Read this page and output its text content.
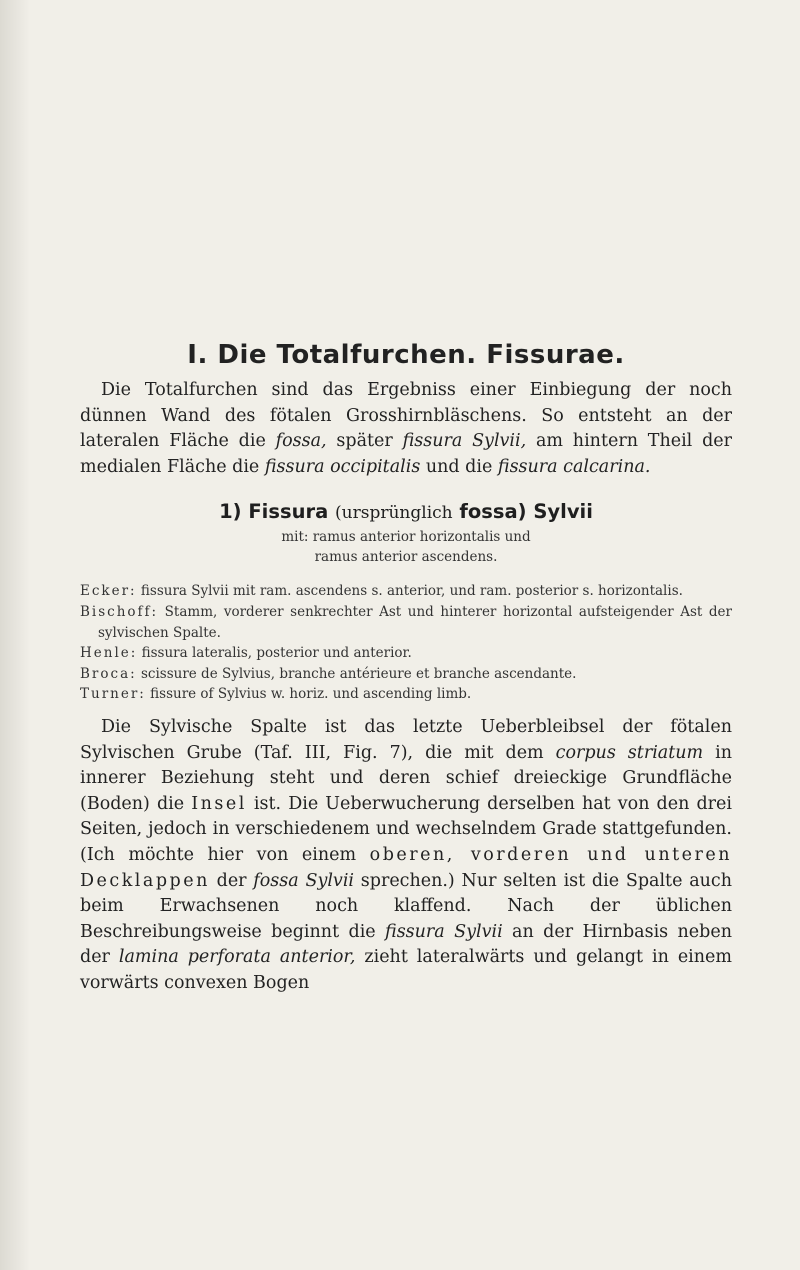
I. Die Totalfurchen. Fissurae.

Die Totalfurchen sind das Ergebniss einer Einbiegung der noch dünnen Wand des fötalen Grosshirnbläschens. So entsteht an der lateralen Fläche die fossa, später fissura Sylvii, am hintern Theil der medialen Fläche die fissura occipitalis und die fissura calcarina.

1) Fissura (ursprünglich fossa) Sylvii
mit: ramus anterior horizontalis und
ramus anterior ascendens.

Ecker: fissura Sylvii mit ram. ascendens s. anterior, und ram. posterior s. horizontalis.

Bischoff: Stamm, vorderer senkrechter Ast und hinterer horizontal aufsteigender Ast der sylvischen Spalte.

Henle: fissura lateralis, posterior und anterior.

Broca: scissure de Sylvius, branche antérieure et branche ascendante.

Turner: fissure of Sylvius w. horiz. und ascending limb.

Die Sylvische Spalte ist das letzte Ueberbleibsel der fötalen Sylvischen Grube (Taf. III, Fig. 7), die mit dem corpus striatum in innerer Beziehung steht und deren schief dreieckige Grundfläche (Boden) die Insel ist. Die Ueberwucherung derselben hat von den drei Seiten, jedoch in verschiedenem und wechselndem Grade stattgefunden. (Ich möchte hier von einem oberen, vorderen und unteren Decklappen der fossa Sylvii sprechen.) Nur selten ist die Spalte auch beim Erwachsenen noch klaffend. Nach der üblichen Beschreibungsweise beginnt die fissura Sylvii an der Hirnbasis neben der lamina perforata anterior, zieht lateralwärts und gelangt in einem vorwärts convexen Bogen
